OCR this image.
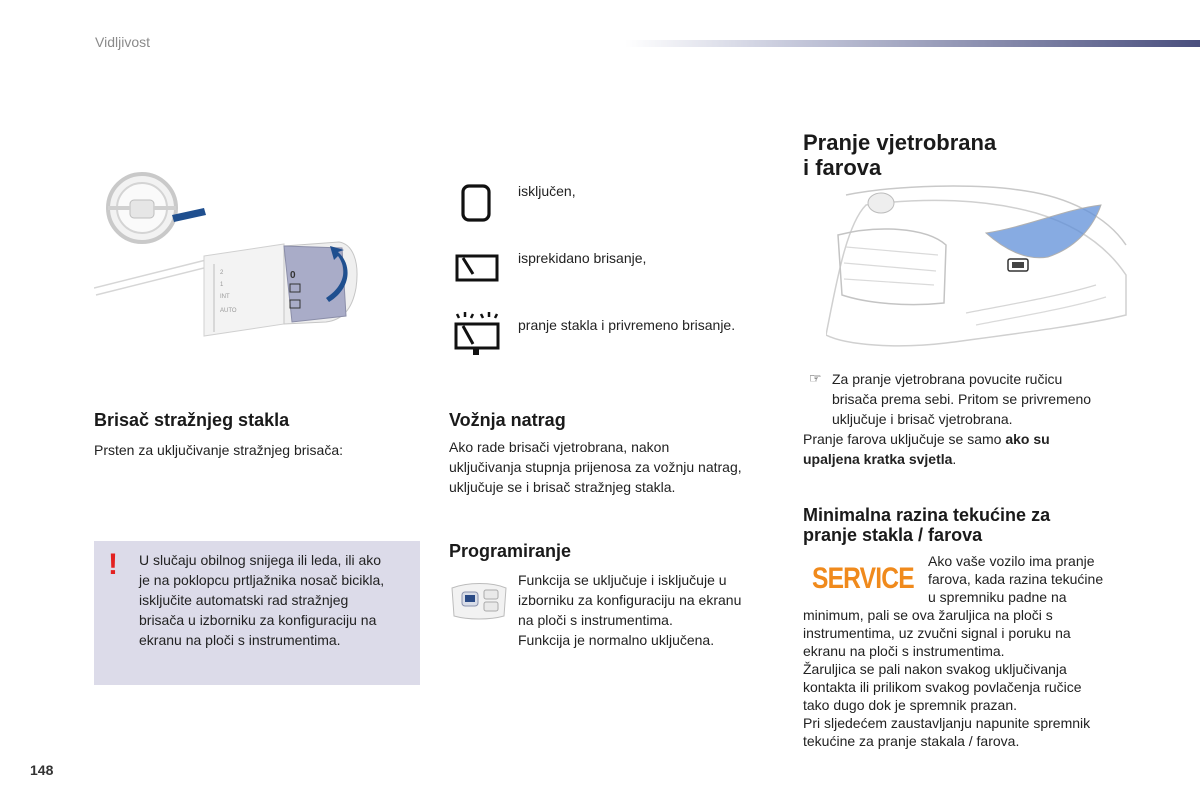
Vidljivost
2
1
INT
AUTO
0
isključen,
isprekidano brisanje,
pranje stakla i privremeno brisanje.
Brisač stražnjeg stakla
Prsten za uključivanje stražnjeg brisača:
! U slučaju obilnog snijega ili leda, ili ako
je na poklopcu prtljažnika nosač bicikla,
isključite automatski rad stražnjeg
brisača u izborniku za konfiguraciju na
ekranu na ploči s instrumentima.
Vožnja natrag
Ako rade brisači vjetrobrana, nakon
uključivanja stupnja prijenosa za vožnju natrag,
uključuje se i brisač stražnjeg stakla.
Programiranje
Funkcija se uključuje i isključuje u
izborniku za konfiguraciju na ekranu
na ploči s instrumentima.
Funkcija je normalno uključena.
Pranje vjetrobrana
i farova
☞ Za pranje vjetrobrana povucite ručicu
brisača prema sebi. Pritom se privremeno
uključuje i brisač vjetrobrana.
Pranje farova uključuje se samo ako su
upaljena kratka svjetla.
Minimalna razina tekućine za
pranje stakla / farova
SERVICE
Ako vaše vozilo ima pranje
farova, kada razina tekućine
u spremniku padne na
minimum, pali se ova žaruljica na ploči s
instrumentima, uz zvučni signal i poruku na
ekranu na ploči s instrumentima.
Žaruljica se pali nakon svakog uključivanja
kontakta ili prilikom svakog povlačenja ručice
tako dugo dok je spremnik prazan.
Pri sljedećem zaustavljanju napunite spremnik
tekućine za pranje stakala / farova.
148
